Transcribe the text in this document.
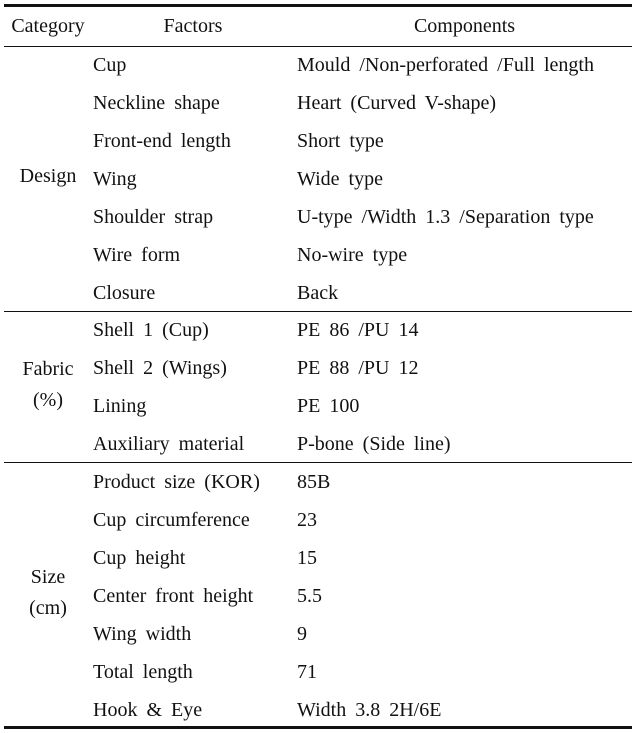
Category	Factors	Components
Design
Cup	Mould /Non-perforated /Full length
Neckline shape	Heart (Curved V-shape)
Front-end length	Short type
Wing	Wide type
Shoulder strap	U-type /Width 1.3 /Separation type
Wire form	No-wire type
Closure	Back
Fabric
(%)
Shell 1 (Cup)	PE 86 /PU 14
Shell 2 (Wings)	PE 88 /PU 12
Lining	PE 100
Auxiliary material	P-bone (Side line)
Size
(cm)
Product size (KOR) 85B
Cup circumference 23
Cup height	15
Center front height 5.5
Wing width	9
Total length	71
Hook & Eye	Width 3.8 2H/6E
